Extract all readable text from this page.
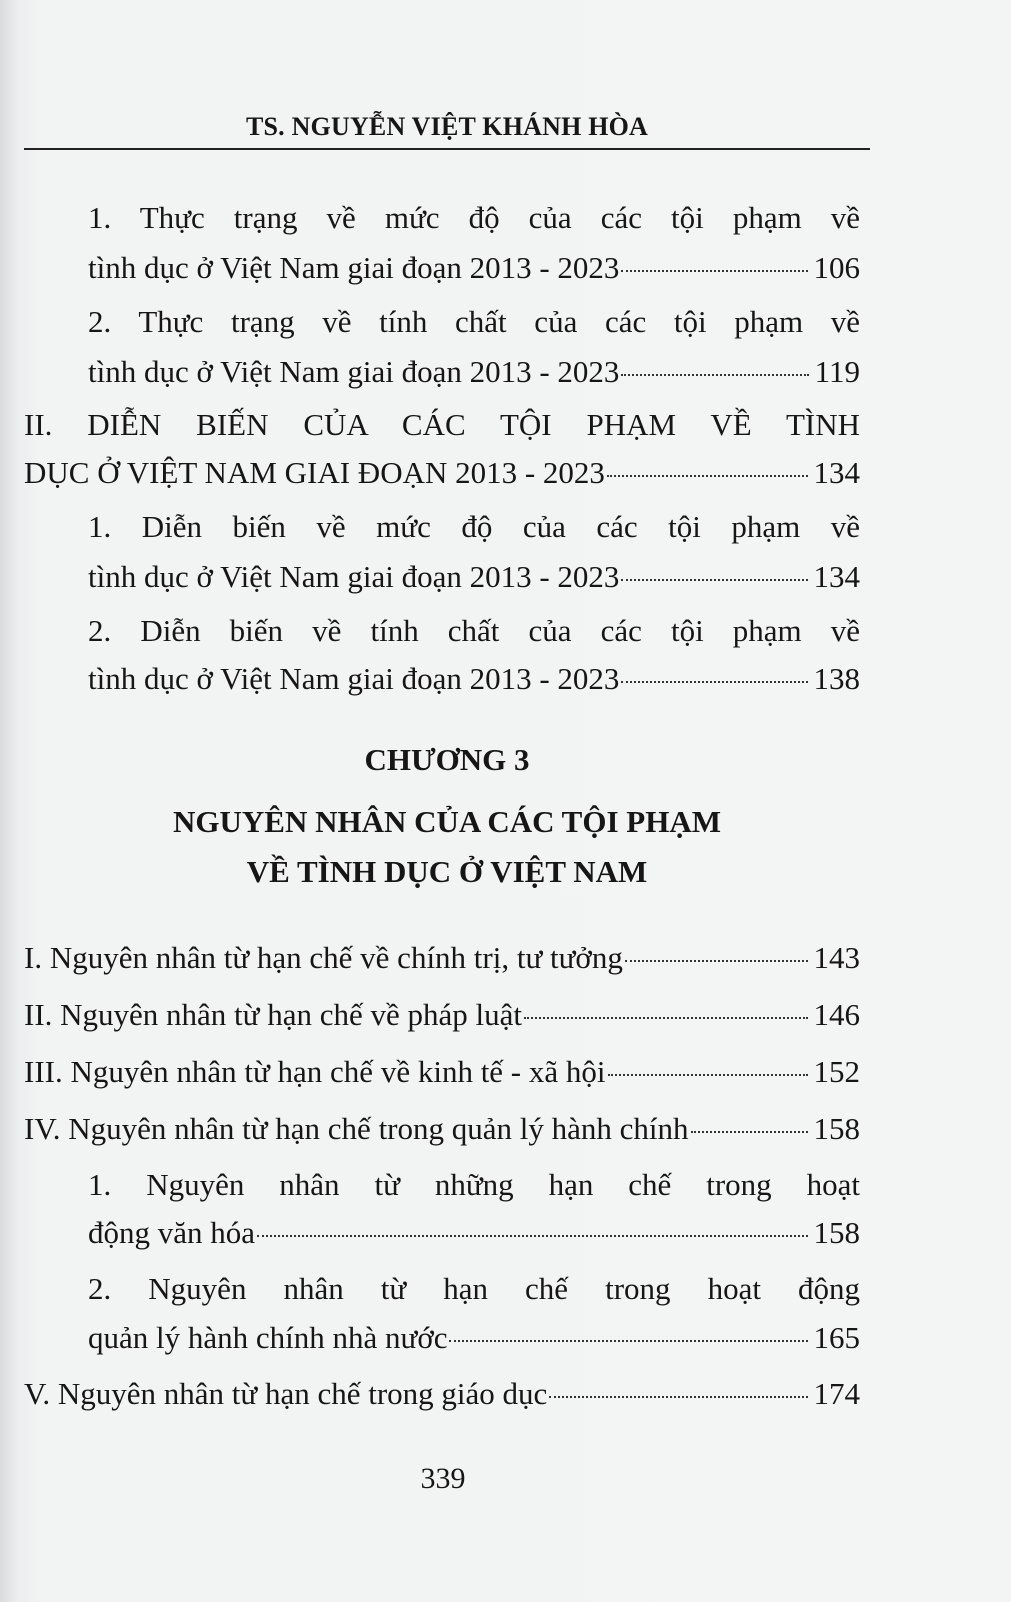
TS. NGUYỄN VIỆT KHÁNH HÒA
1. Thực trạng về mức độ của các tội phạm về
tình dục ở Việt Nam giai đoạn 2013 - 2023	106
2. Thực trạng về tính chất của các tội phạm về
tình dục ở Việt Nam giai đoạn 2013 - 2023	119
II. DIỄN BIẾN CỦA CÁC TỘI PHẠM VỀ TÌNH
DỤC Ở VIỆT NAM GIAI ĐOẠN 2013 - 2023	134
1. Diễn biến về mức độ của các tội phạm về
tình dục ở Việt Nam giai đoạn 2013 - 2023	134
2. Diễn biến về tính chất của các tội phạm về
tình dục ở Việt Nam giai đoạn 2013 - 2023	138
CHƯƠNG 3
NGUYÊN NHÂN CỦA CÁC TỘI PHẠM
VỀ TÌNH DỤC Ở VIỆT NAM
I. Nguyên nhân từ hạn chế về chính trị, tư tưởng	143
II. Nguyên nhân từ hạn chế về pháp luật	146
III. Nguyên nhân từ hạn chế về kinh tế - xã hội	152
IV. Nguyên nhân từ hạn chế trong quản lý hành chính	158
1. Nguyên nhân từ những hạn chế trong hoạt
động văn hóa	158
2. Nguyên nhân từ hạn chế trong hoạt động
quản lý hành chính nhà nước	165
V. Nguyên nhân từ hạn chế trong giáo dục	174
339
